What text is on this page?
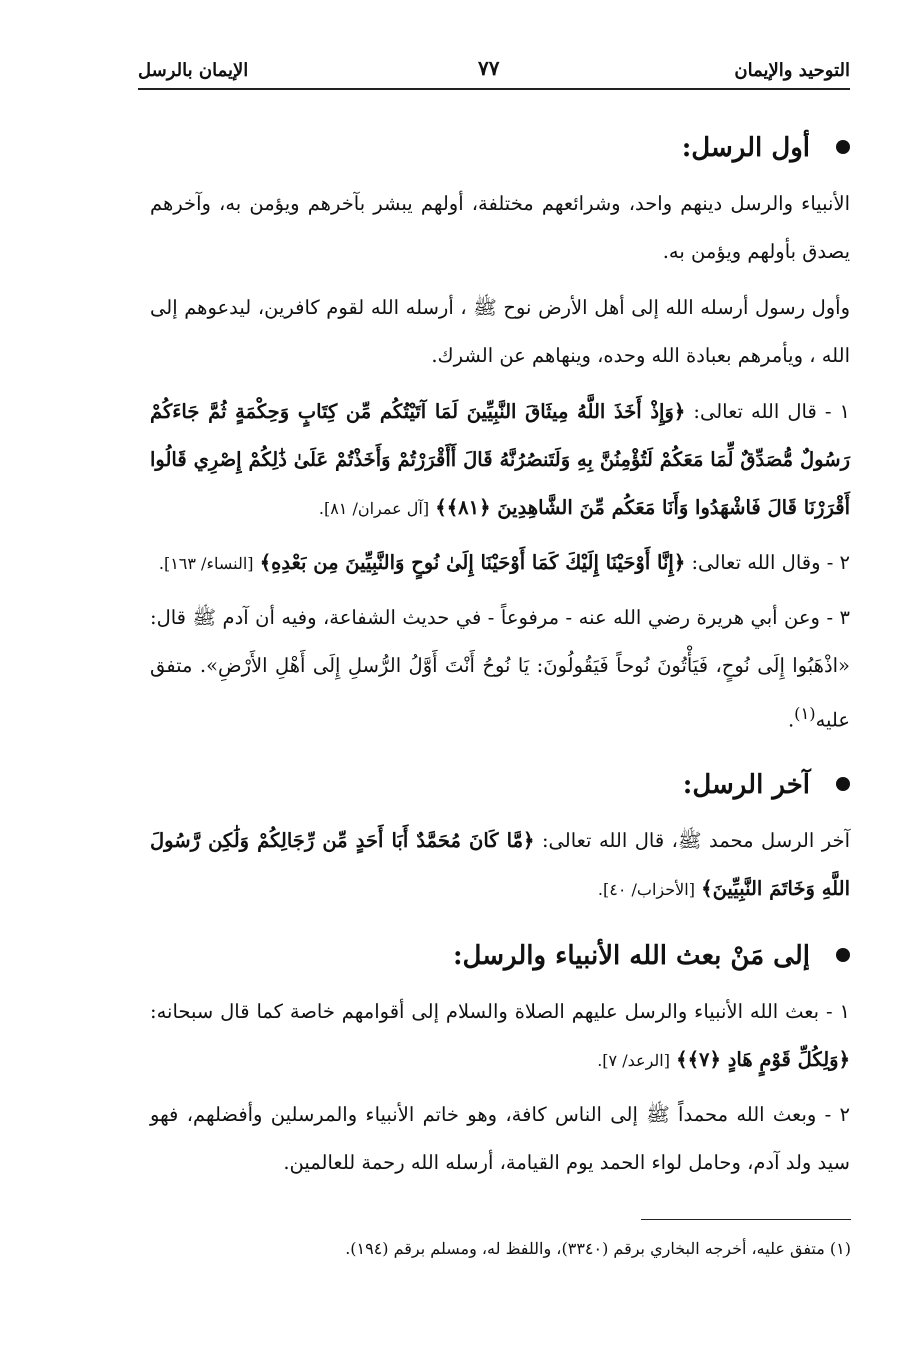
التوحيد والإيمان
٧٧
الإيمان بالرسل
أول الرسل:

الأنبياء والرسل دينهم واحد، وشرائعهم مختلفة، أولهم يبشر بآخرهم ويؤمن به، وآخرهم يصدق بأولهم ويؤمن به.

وأول رسول أرسله الله إلى أهل الأرض نوح ﷺ ، أرسله الله لقوم كافرين، ليدعوهم إلى الله ، ويأمرهم بعبادة الله وحده، وينهاهم عن الشرك.

١ - قال الله تعالى: ﴿وَإِذْ أَخَذَ اللَّهُ مِيثَاقَ النَّبِيِّينَ لَمَا آتَيْتُكُم مِّن كِتَابٍ وَحِكْمَةٍ ثُمَّ جَاءَكُمْ رَسُولٌ مُّصَدِّقٌ لِّمَا مَعَكُمْ لَتُؤْمِنُنَّ بِهِ وَلَتَنصُرُنَّهُ قَالَ أَأَقْرَرْتُمْ وَأَخَذْتُمْ عَلَىٰ ذَٰلِكُمْ إِصْرِي قَالُوا أَقْرَرْنَا قَالَ فَاشْهَدُوا وَأَنَا مَعَكُم مِّنَ الشَّاهِدِينَ ﴿٨١﴾﴾ [آل عمران/ ٨١].

٢ - وقال الله تعالى: ﴿إِنَّا أَوْحَيْنَا إِلَيْكَ كَمَا أَوْحَيْنَا إِلَىٰ نُوحٍ وَالنَّبِيِّينَ مِن بَعْدِهِ﴾ [النساء/ ١٦٣].

٣ - وعن أبي هريرة رضي الله عنه - مرفوعاً - في حديث الشفاعة، وفيه أن آدم ﷺ قال: «اذْهَبُوا إِلَى نُوحٍ، فَيَأْتُونَ نُوحاً فَيَقُولُونَ: يَا نُوحُ أَنْتَ أَوَّلُ الرُّسلِ إِلَى أَهْلِ الأَرْضِ». متفق عليه$^{(١)}$.

آخر الرسل:

آخر الرسل محمد ﷺ، قال الله تعالى: ﴿مَّا كَانَ مُحَمَّدٌ أَبَا أَحَدٍ مِّن رِّجَالِكُمْ وَلَٰكِن رَّسُولَ اللَّهِ وَخَاتَمَ النَّبِيِّينَ﴾ [الأحزاب/ ٤٠].

إلى مَنْ بعث الله الأنبياء والرسل:

١ - بعث الله الأنبياء والرسل عليهم الصلاة والسلام إلى أقوامهم خاصة كما قال سبحانه: ﴿وَلِكُلِّ قَوْمٍ هَادٍ ﴿٧﴾﴾ [الرعد/ ٧].

٢ - وبعث الله محمداً ﷺ إلى الناس كافة، وهو خاتم الأنبياء والمرسلين وأفضلهم، فهو سيد ولد آدم، وحامل لواء الحمد يوم القيامة، أرسله الله رحمة للعالمين.

(١) متفق عليه، أخرجه البخاري برقم (٣٣٤٠)، واللفظ له، ومسلم برقم (١٩٤).
